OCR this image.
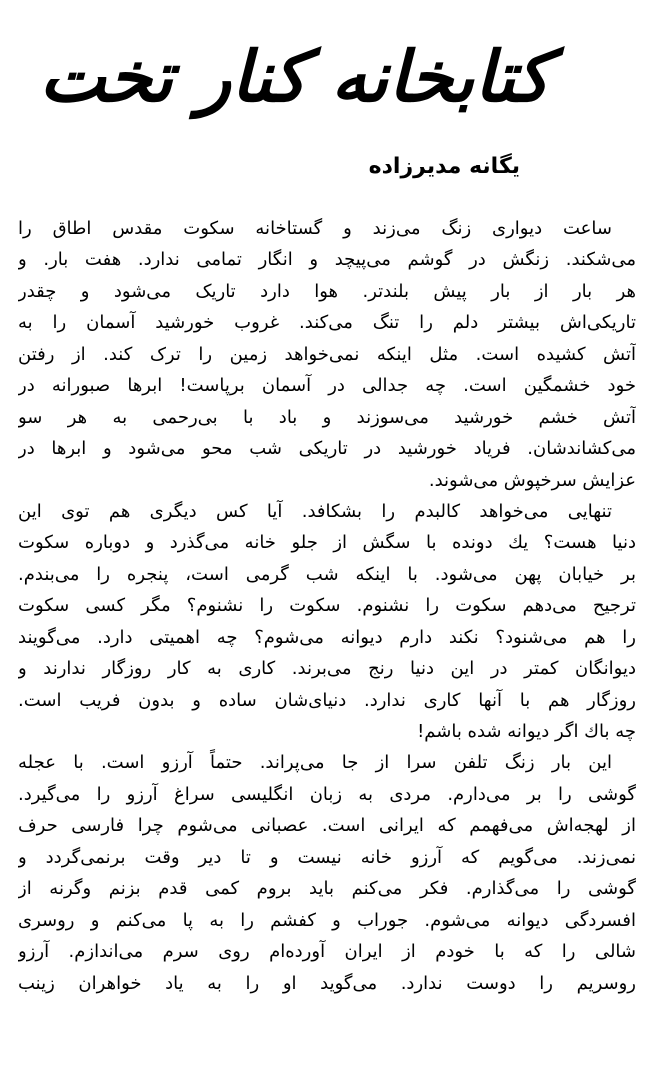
کتابخانه کنار تخت
یگانه مدیرزاده
ساعت دیواری زنگ می‌زند و گستاخانه سکوت مقدس اطاق را
می‌شکند. زنگش در گوشم می‌پیچد و انگار تمامی ندارد. هفت بار. و
هر بار از بار پیش بلندتر. هوا دارد تاریک می‌شود و چقدر
تاریکی‌اش بیشتر دلم را تنگ می‌کند. غروب خورشید آسمان را به
آتش کشیده است. مثل اینکه نمی‌خواهد زمین را ترک کند. از رفتن
خود خشمگین است. چه جدالی در آسمان برپاست! ابرها صبورانه در
آتش خشم خورشید می‌سوزند و باد با بی‌رحمی به هر سو
می‌کشاندشان. فریاد خورشید در تاریکی شب محو می‌شود و ابرها در
عزایش سرخپوش می‌شوند.
تنهایی می‌خواهد کالبدم را بشکافد. آیا کس دیگری هم توی این
دنیا هست؟ یك دونده با سگش از جلو خانه می‌گذرد و دوباره سکوت
بر خیابان پهن می‌شود. با اینکه شب گرمی است، پنجره را می‌بندم.
ترجیح می‌دهم سکوت را نشنوم. سکوت را نشنوم؟ مگر کسی سکوت
را هم می‌شنود؟ نکند دارم دیوانه می‌شوم؟ چه اهمیتی دارد. می‌گویند
دیوانگان کمتر در این دنیا رنج می‌برند. کاری به کار روزگار ندارند و
روزگار هم با آنها کاری ندارد. دنیای‌شان ساده و بدون فریب است.
چه باك اگر دیوانه شده باشم!
این بار زنگ تلفن سرا از جا می‌پراند. حتماً آرزو است. با عجله
گوشی را بر می‌دارم. مردی به زبان انگلیسی سراغ آرزو را می‌گیرد.
از لهجه‌اش می‌فهمم که ایرانی است. عصبانی می‌شوم چرا فارسی حرف
نمی‌زند. می‌گویم که آرزو خانه نیست و تا دیر وقت برنمی‌گردد و
گوشی را می‌گذارم. فکر می‌کنم باید بروم کمی قدم بزنم وگرنه از
افسردگی دیوانه می‌شوم. جوراب و کفشم را به پا می‌کنم و روسری
شالی را که با خودم از ایران آورده‌ام روی سرم می‌اندازم. آرزو
روسریم را دوست ندارد. می‌گوید او را به یاد خواهران زینب
